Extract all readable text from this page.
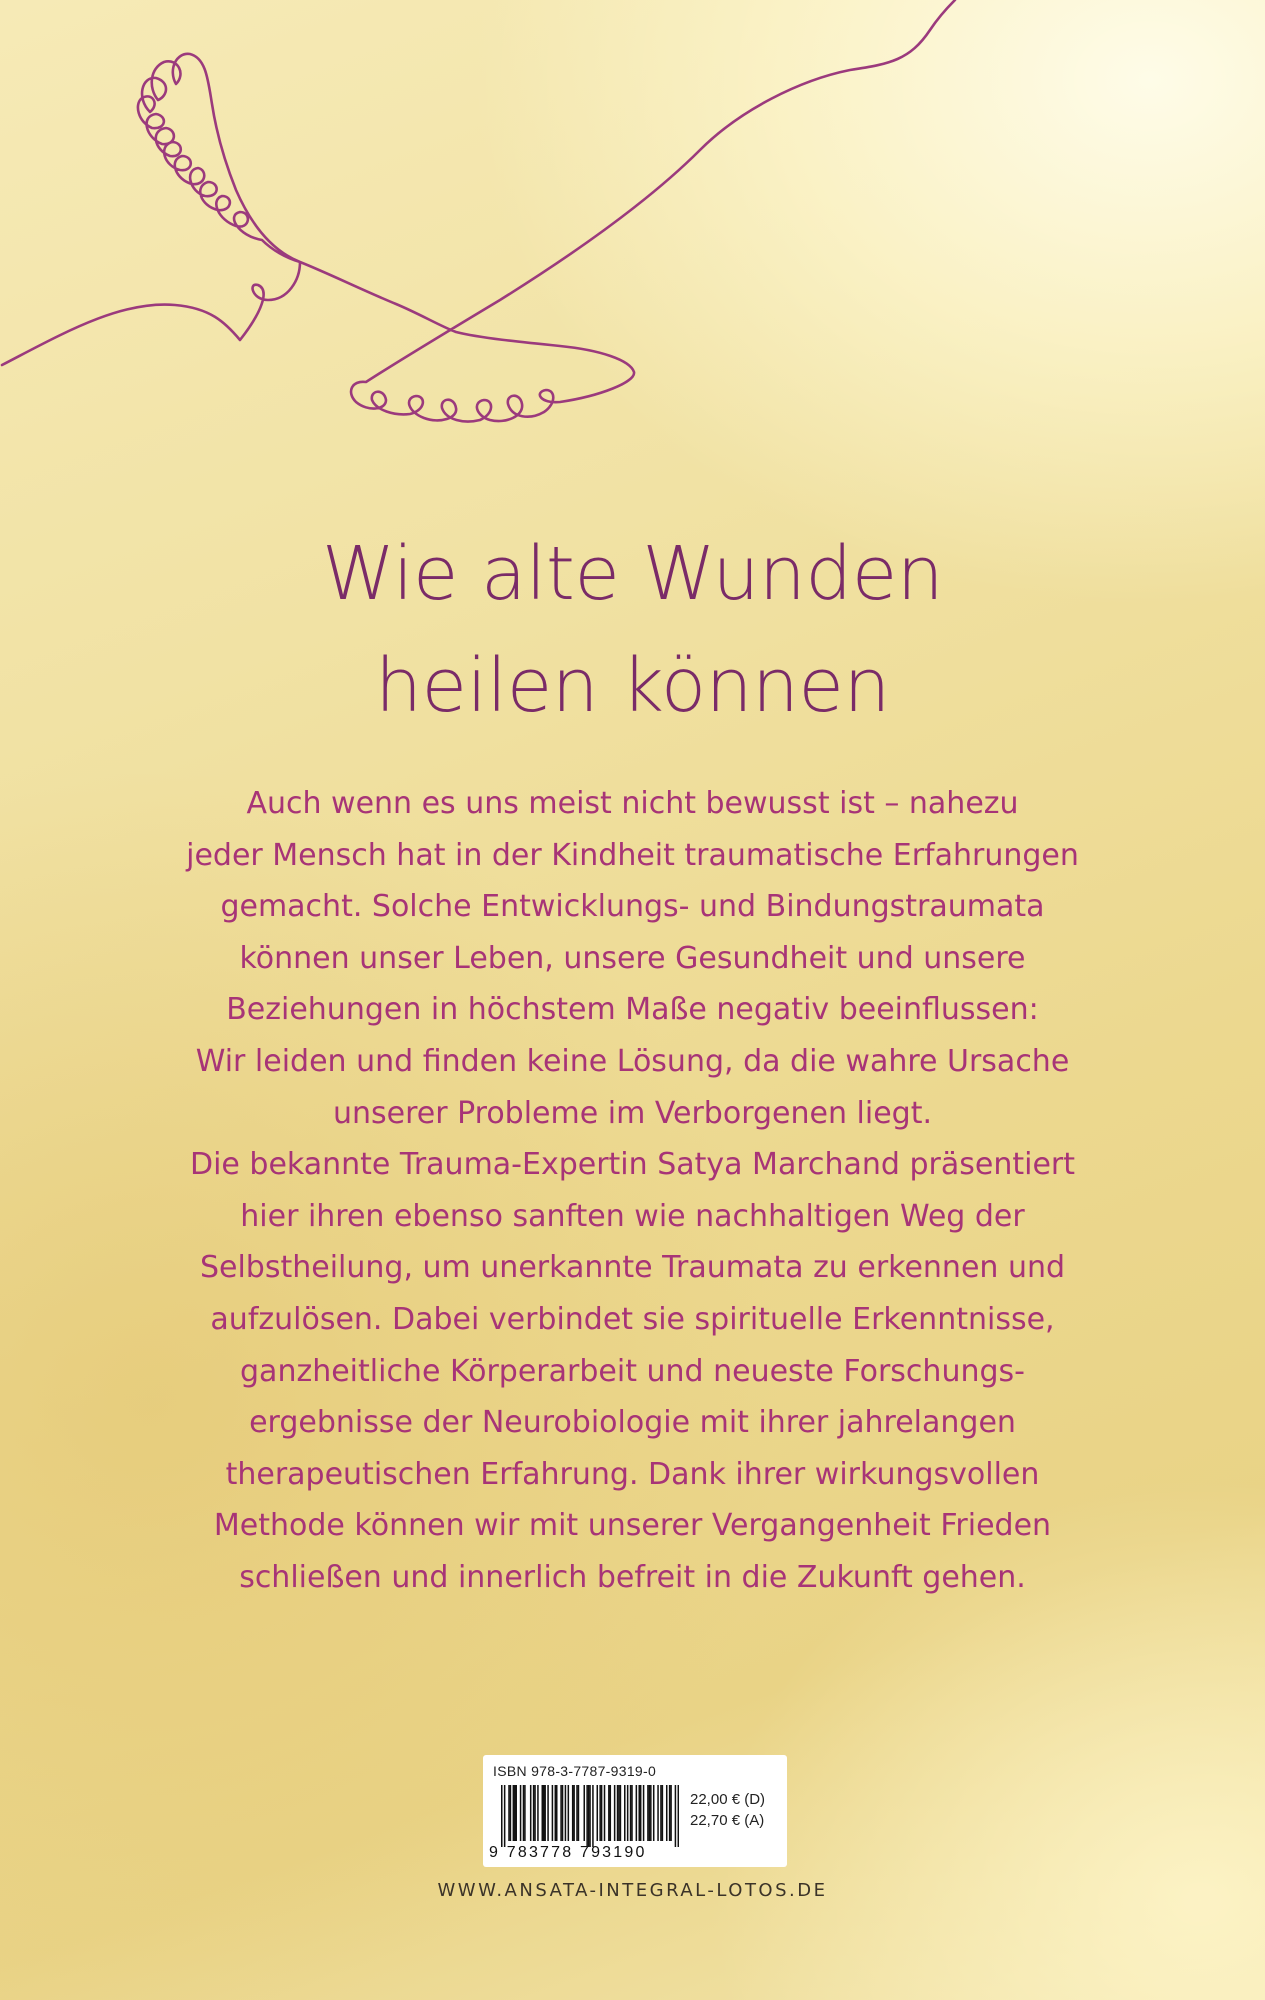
Wie alte Wunden
heilen können
Auch wenn es uns meist nicht bewusst ist – nahezu
jeder Mensch hat in der Kindheit traumatische Erfahrungen
gemacht. Solche Entwicklungs- und Bindungstraumata
können unser Leben, unsere Gesundheit und unsere
Beziehungen in höchstem Maße negativ beeinflussen:
Wir leiden und finden keine Lösung, da die wahre Ursache
unserer Probleme im Verborgenen liegt.
Die bekannte Trauma-Expertin Satya Marchand präsentiert
hier ihren ebenso sanften wie nachhaltigen Weg der
Selbstheilung, um unerkannte Traumata zu erkennen und
aufzulösen. Dabei verbindet sie spirituelle Erkenntnisse,
ganzheitliche Körperarbeit und neueste Forschungs-
ergebnisse der Neurobiologie mit ihrer jahrelangen
therapeutischen Erfahrung. Dank ihrer wirkungsvollen
Methode können wir mit unserer Vergangenheit Frieden
schließen und innerlich befreit in die Zukunft gehen.
ISBN 978-3-7787-9319-0
9 783778 793190
22,00 € (D)
22,70 € (A)
WWW.ANSATA-INTEGRAL-LOTOS.DE
